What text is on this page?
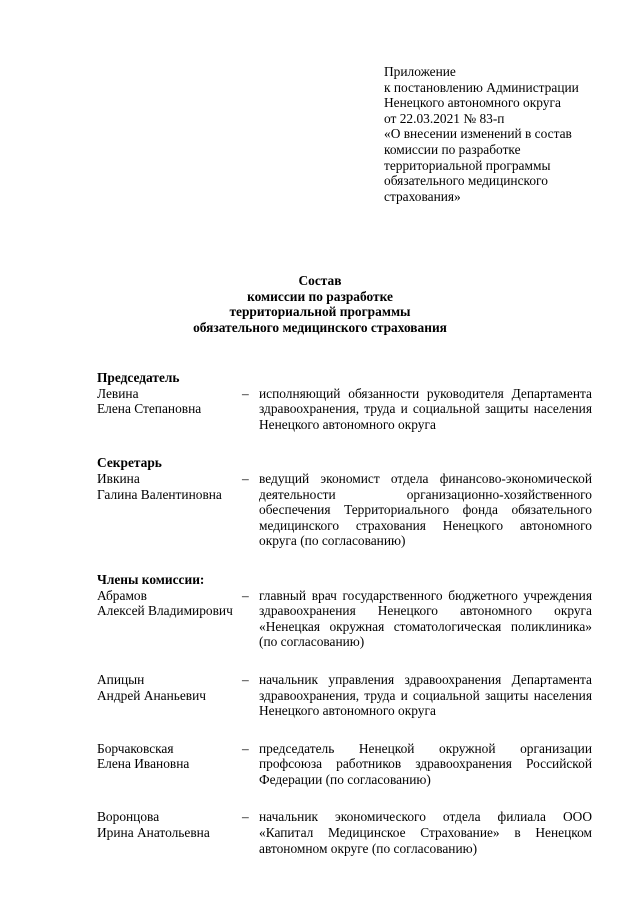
Приложение
к постановлению Администрации
Ненецкого автономного округа
от 22.03.2021 № 83-п
«О внесении изменений в состав
комиссии по разработке
территориальной программы
обязательного медицинского
страхования»
Состав
комиссии по разработке
территориальной программы
обязательного медицинского страхования
Председатель
Левина
Елена Степановна
– исполняющий обязанности руководителя Департамента здравоохранения, труда и социальной защиты населения Ненецкого автономного округа
Секретарь
Ивкина
Галина Валентиновна
– ведущий экономист отдела финансово-экономической деятельности организационно-хозяйственного обеспечения Территориального фонда обязательного медицинского страхования Ненецкого автономного округа (по согласованию)
Члены комиссии:
Абрамов
Алексей Владимирович
– главный врач государственного бюджетного учреждения здравоохранения Ненецкого автономного округа «Ненецкая окружная стоматологическая поликлиника» (по согласованию)
Апицын
Андрей Ананьевич
– начальник управления здравоохранения Департамента здравоохранения, труда и социальной защиты населения Ненецкого автономного округа
Борчаковская
Елена Ивановна
– председатель Ненецкой окружной организации профсоюза работников здравоохранения Российской Федерации (по согласованию)
Воронцова
Ирина Анатольевна
– начальник экономического отдела филиала ООО «Капитал Медицинское Страхование» в Ненецком автономном округе (по согласованию)
